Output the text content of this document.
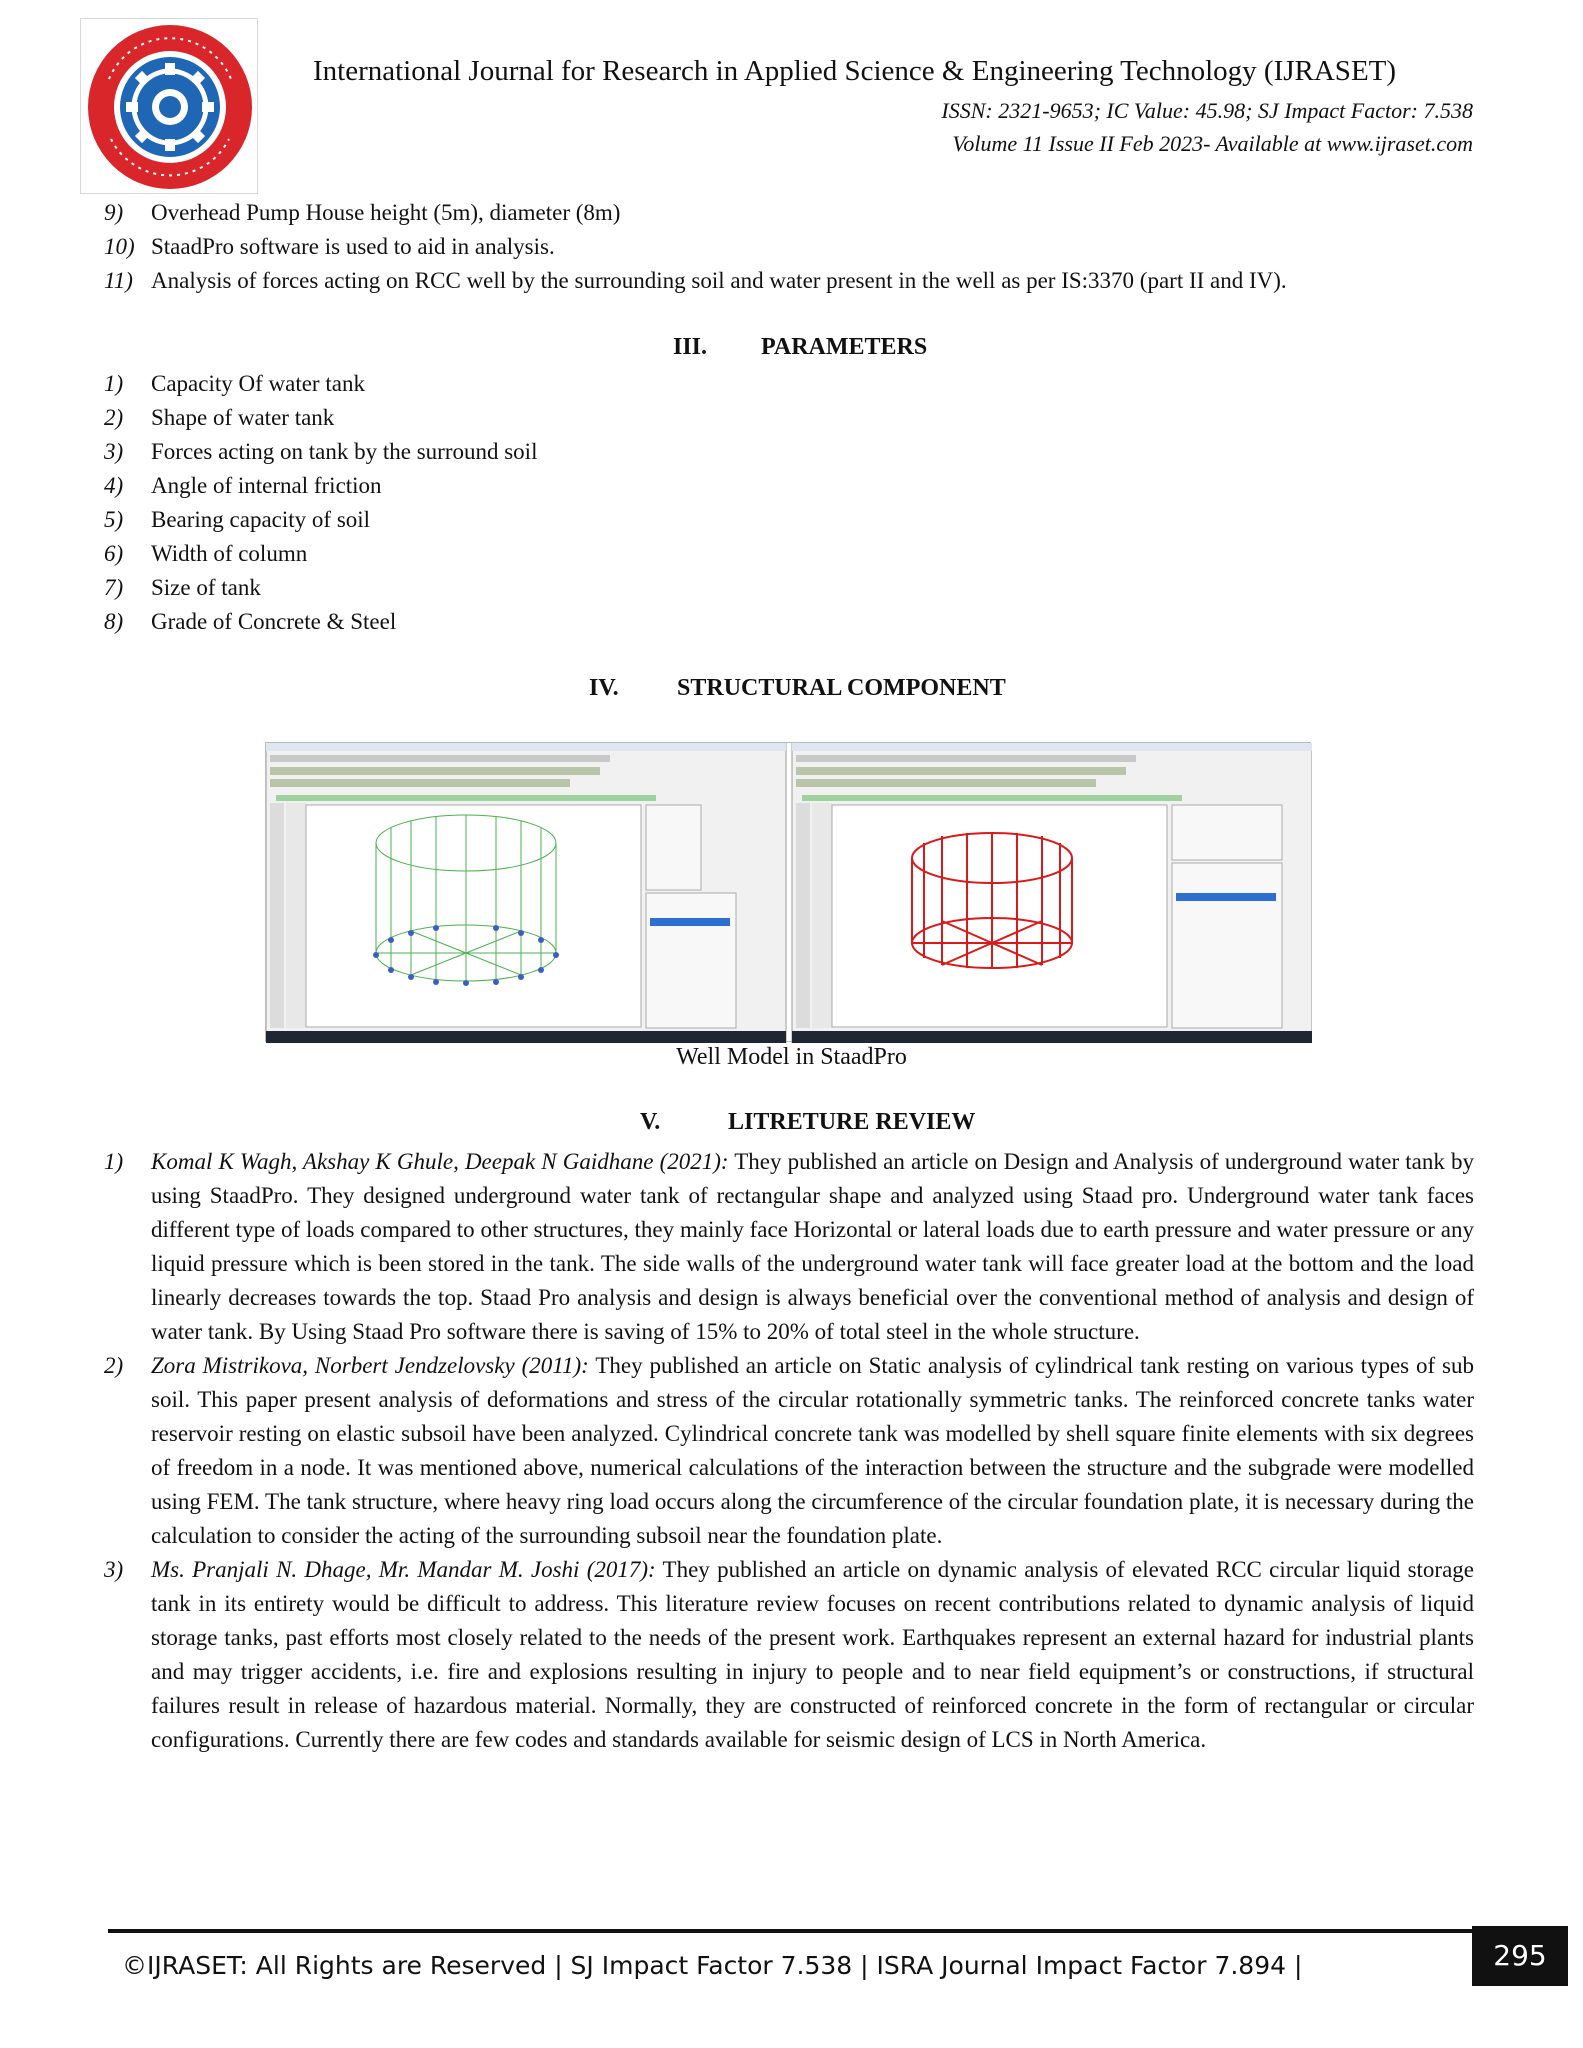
International Journal for Research in Applied Science & Engineering Technology (IJRASET)
ISSN: 2321-9653; IC Value: 45.98; SJ Impact Factor: 7.538
Volume 11 Issue II Feb 2023- Available at www.ijraset.com
9) Overhead Pump House height (5m), diameter (8m)
10) StaadPro software is used to aid in analysis.
11) Analysis of forces acting on RCC well by the surrounding soil and water present in the well as per IS:3370 (part II and IV).
III. PARAMETERS
1) Capacity Of water tank
2) Shape of water tank
3) Forces acting on tank by the surround soil
4) Angle of internal friction
5) Bearing capacity of soil
6) Width of column
7) Size of tank
8) Grade of Concrete & Steel
IV. STRUCTURAL COMPONENT
Well Model in StaadPro
V.	LITRETURE REVIEW
1) Komal K Wagh, Akshay K Ghule, Deepak N Gaidhane (2021): They published an article on Design and Analysis of underground water tank by using StaadPro. They designed underground water tank of rectangular shape and analyzed using Staad pro. Underground water tank faces different type of loads compared to other structures, they mainly face Horizontal or lateral loads due to earth pressure and water pressure or any liquid pressure which is been stored in the tank. The side walls of the underground water tank will face greater load at the bottom and the load linearly decreases towards the top. Staad Pro analysis and design is always beneficial over the conventional method of analysis and design of water tank. By Using Staad Pro software there is saving of 15% to 20% of total steel in the whole structure.
2) Zora Mistrikova, Norbert Jendzelovsky (2011): They published an article on Static analysis of cylindrical tank resting on various types of sub soil. This paper present analysis of deformations and stress of the circular rotationally symmetric tanks. The reinforced concrete tanks water reservoir resting on elastic subsoil have been analyzed. Cylindrical concrete tank was modelled by shell square finite elements with six degrees of freedom in a node. It was mentioned above, numerical calculations of the interaction between the structure and the subgrade were modelled using FEM. The tank structure, where heavy ring load occurs along the circumference of the circular foundation plate, it is necessary during the calculation to consider the acting of the surrounding subsoil near the foundation plate.
3) Ms. Pranjali N. Dhage, Mr. Mandar M. Joshi (2017): They published an article on dynamic analysis of elevated RCC circular liquid storage tank in its entirety would be difficult to address. This literature review focuses on recent contributions related to dynamic analysis of liquid storage tanks, past efforts most closely related to the needs of the present work. Earthquakes represent an external hazard for industrial plants and may trigger accidents, i.e. fire and explosions resulting in injury to people and to near field equipment’s or constructions, if structural failures result in release of hazardous material. Normally, they are constructed of reinforced concrete in the form of rectangular or circular configurations. Currently there are few codes and standards available for seismic design of LCS in North America.
©IJRASET: All Rights are Reserved | SJ Impact Factor 7.538 | ISRA Journal Impact Factor 7.894 |	295
